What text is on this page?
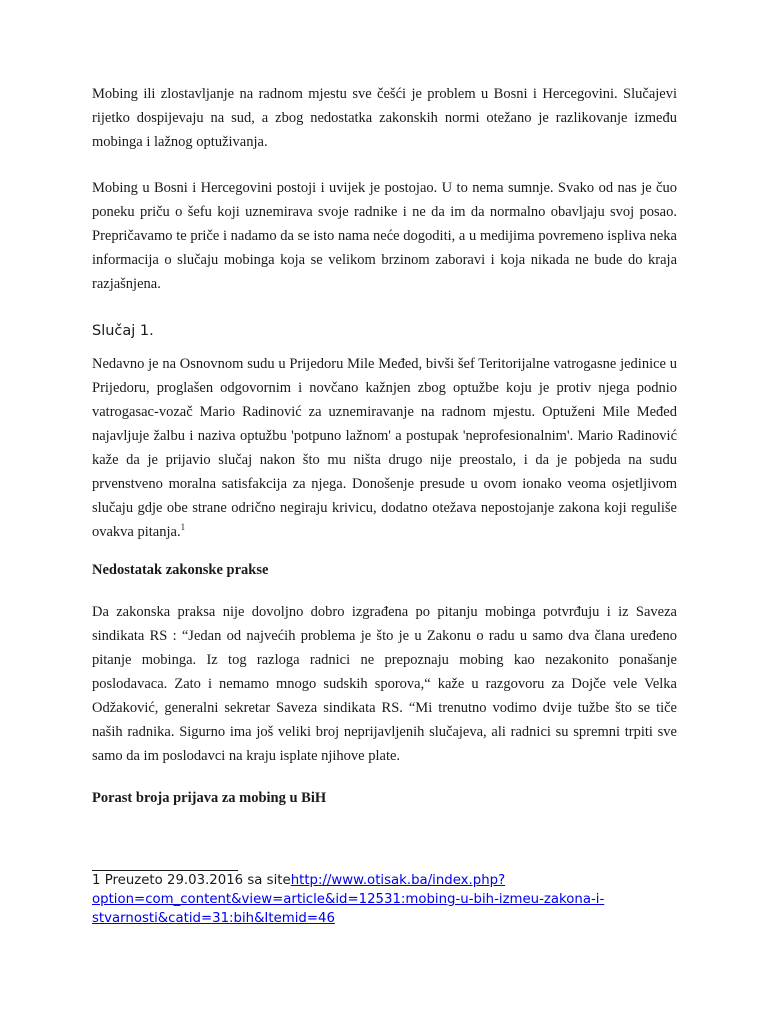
Mobing ili zlostavljanje na radnom mjestu sve češći je problem u Bosni i Hercegovini. Slučajevi rijetko dospijevaju na sud, a zbog nedostatka zakonskih normi otežano je razlikovanje između mobinga i lažnog optuživanja.

Mobing u Bosni i Hercegovini postoji i uvijek je postojao. U to nema sumnje. Svako od nas je čuo poneku priču o šefu koji uznemirava svoje radnike i ne da im da normalno obavljaju svoj posao. Prepričavamo te priče i nadamo da se isto nama neće dogoditi, a u medijima povremeno ispliva neka informacija o slučaju mobinga koja se velikom brzinom zaboravi i koja nikada ne bude do kraja razjašnjena.

Slučaj 1.

Nedavno je na Osnovnom sudu u Prijedoru Mile Međed, bivši šef Teritorijalne vatrogasne jedinice u Prijedoru, proglašen odgovornim i novčano kažnjen zbog optužbe koju je protiv njega podnio vatrogasac-vozač Mario Radinović za uznemiravanje na radnom mjestu. Optuženi Mile Međed najavljuje žalbu i naziva optužbu 'potpuno lažnom' a postupak 'neprofesionalnim'. Mario Radinović kaže da je prijavio slučaj nakon što mu ništa drugo nije preostalo, i da je pobjeda na sudu prvenstveno moralna satisfakcija za njega. Donošenje presude u ovom ionako veoma osjetljivom slučaju gdje obe strane odrično negiraju krivicu, dodatno otežava nepostojanje zakona koji reguliše ovakva pitanja.$^1$

Nedostatak zakonske prakse

Da zakonska praksa nije dovoljno dobro izgrađena po pitanju mobinga potvrđuju i iz Saveza sindikata RS : “Jedan od najvećih problema je što je u Zakonu o radu u samo dva člana uređeno pitanje mobinga. Iz tog razloga radnici ne prepoznaju mobing kao nezakonito ponašanje poslodavaca. Zato i nemamo mnogo sudskih sporova,“ kaže u razgovoru za Dojče vele Velka Odžaković, generalni sekretar Saveza sindikata RS. “Mi trenutno vodimo dvije tužbe što se tiče naših radnika. Sigurno ima još veliki broj neprijavljenih slučajeva, ali radnici su spremni trpiti sve samo da im poslodavci na kraju isplate njihove plate.

Porast broja prijava za mobing u BiH

1 Preuzeto 29.03.2016 sa sitehttp://www.otisak.ba/index.php?option=com_content&view=article&id=12531:mobing-u-bih-izmeu-zakona-i-stvarnosti&catid=31:bih&Itemid=46
